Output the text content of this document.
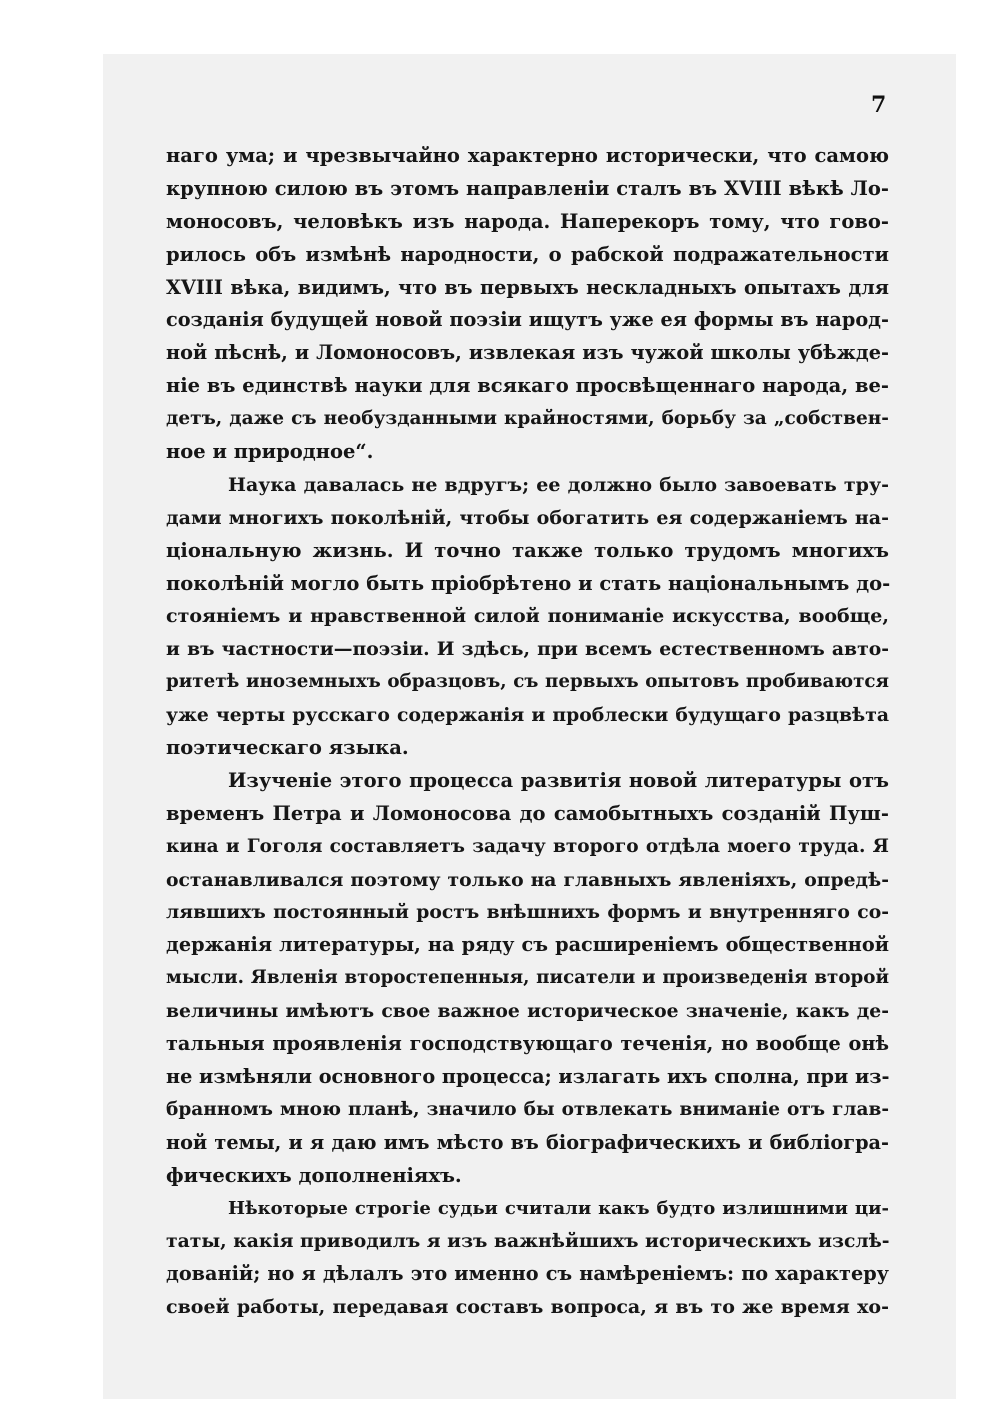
7
наго ума; и чрезвычайно характерно исторически, что самою
крупною силою въ этомъ направленіи сталъ въ XVIII вѣкѣ Ло-
моносовъ, человѣкъ изъ народа. Наперекоръ тому, что гово-
рилось объ измѣнѣ народности, о рабской подражательности
XVIII вѣка, видимъ, что въ первыхъ нескладныхъ опытахъ для
созданія будущей новой поэзіи ищутъ уже ея формы въ народ-
ной пѣснѣ, и Ломоносовъ, извлекая изъ чужой школы убѣжде-
ніе въ единствѣ науки для всякаго просвѣщеннаго народа, ве-
детъ, даже съ необузданными крайностями, борьбу за „собствен-
ное и природное“.
Наука давалась не вдругъ; ее должно было завоевать тру-
дами многихъ поколѣній, чтобы обогатить ея содержаніемъ на-
ціональную жизнь. И точно также только трудомъ многихъ
поколѣній могло быть пріобрѣтено и стать національнымъ до-
стояніемъ и нравственной силой пониманіе искусства, вообще,
и въ частности—поэзіи. И здѣсь, при всемъ естественномъ авто-
ритетѣ иноземныхъ образцовъ, съ первыхъ опытовъ пробиваются
уже черты русскаго содержанія и проблески будущаго разцвѣта
поэтическаго языка.
Изученіе этого процесса развитія новой литературы отъ
временъ Петра и Ломоносова до самобытныхъ созданій Пуш-
кина и Гоголя составляетъ задачу второго отдѣла моего труда. Я
останавливался поэтому только на главныхъ явленіяхъ, опредѣ-
лявшихъ постоянный ростъ внѣшнихъ формъ и внутренняго со-
держанія литературы, на ряду съ расширеніемъ общественной
мысли. Явленія второстепенныя, писатели и произведенія второй
величины имѣютъ свое важное историческое значеніе, какъ де-
тальныя проявленія господствующаго теченія, но вообще онѣ
не измѣняли основного процесса; излагать ихъ сполна, при из-
бранномъ мною планѣ, значило бы отвлекать вниманіе отъ глав-
ной темы, и я даю имъ мѣсто въ біографическихъ и библіогра-
фическихъ дополненіяхъ.
Нѣкоторые строгіе судьи считали какъ будто излишними ци-
таты, какія приводилъ я изъ важнѣйшихъ историческихъ изслѣ-
дованій; но я дѣлалъ это именно съ намѣреніемъ: по характеру
своей работы, передавая составъ вопроса, я въ то же время хо-
